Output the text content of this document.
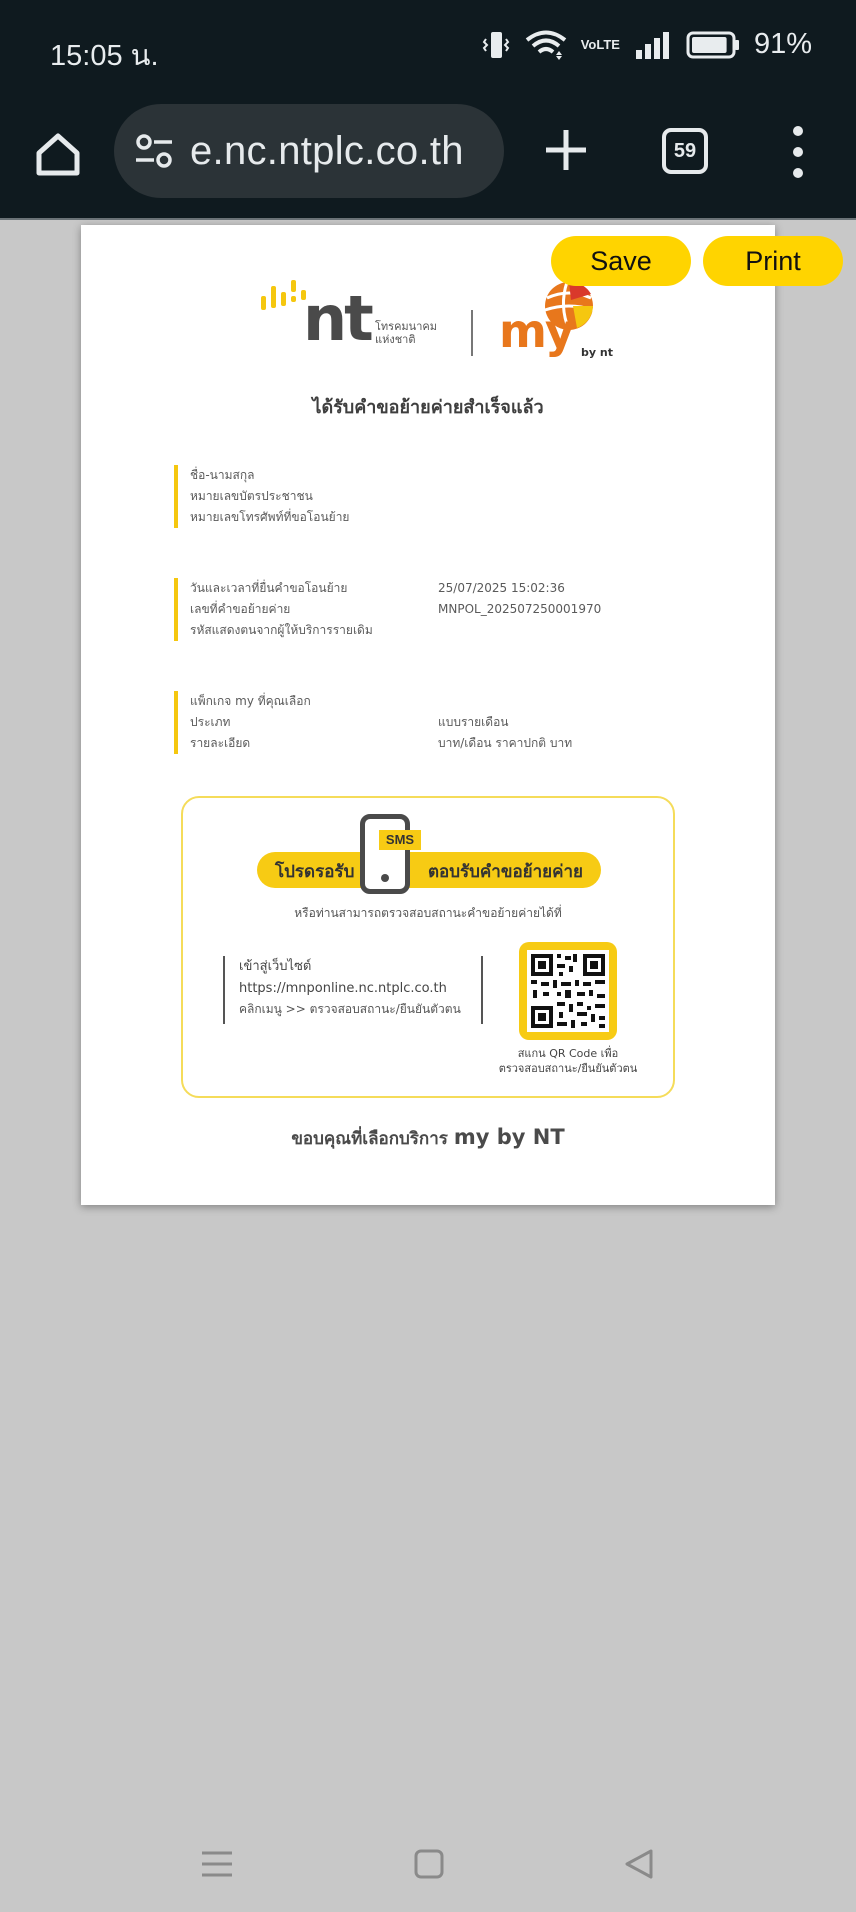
15:05 น.	Vo LTE	91%
e.nc.ntplc.co.th	59
nt โทรคมนาคม
แห่งชาติ	my by nt
ได้รับคำขอย้ายค่ายสำเร็จแล้ว
ชื่อ-นามสกุล
หมายเลขบัตรประชาชน
หมายเลขโทรศัพท์ที่ขอโอนย้าย
วันและเวลาที่ยื่นคำขอโอนย้าย	25/07/2025 15:02:36
เลขที่คำขอย้ายค่าย	MNPOL_202507250001970
รหัสแสดงตนจากผู้ให้บริการรายเดิม
แพ็กเกจ my ที่คุณเลือก
ประเภท	แบบรายเดือน
รายละเอียด	บาท/เดือน ราคาปกติ บาท
โปรดรอรับ	ตอบรับคำขอย้ายค่าย
SMS
หรือท่านสามารถตรวจสอบสถานะคำขอย้ายค่ายได้ที่
เข้าสู่เว็บไซต์
https://mnponline.nc.ntplc.co.th
คลิกเมนู >> ตรวจสอบสถานะ/ยืนยันตัวตน
สแกน QR Code เพื่อ
ตรวจสอบสถานะ/ยืนยันตัวตน
ขอบคุณที่เลือกบริการ my by NT
Save	Print
